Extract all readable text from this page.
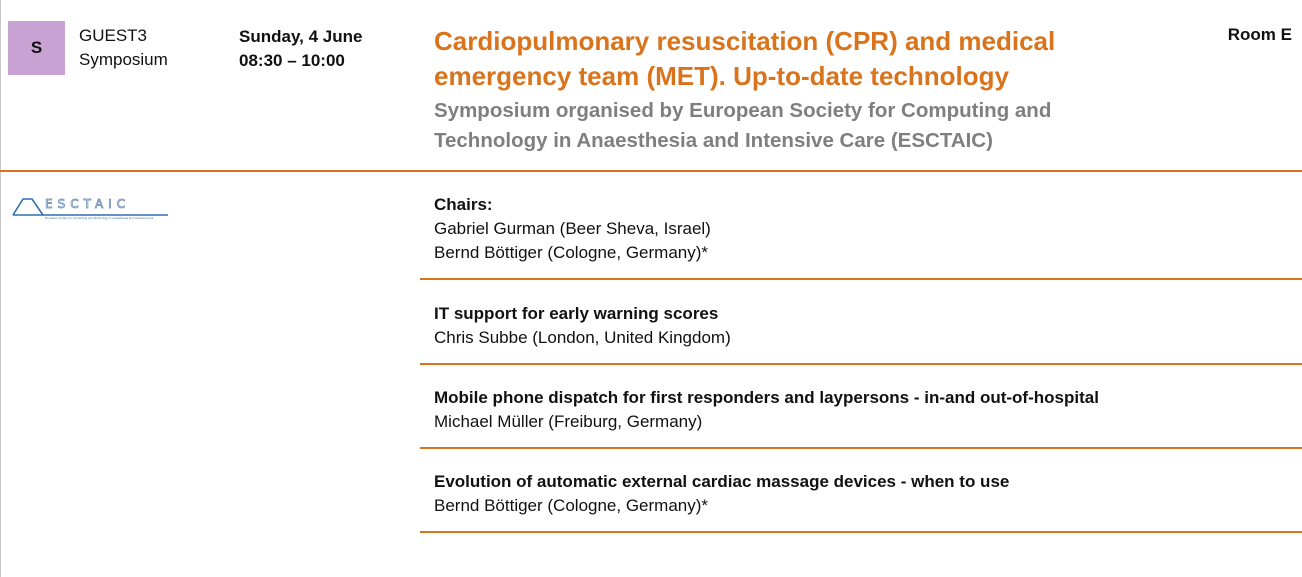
S
GUEST3
Symposium
Sunday, 4 June
08:30 – 10:00
Cardiopulmonary resuscitation (CPR) and medical
emergency team (MET). Up-to-date technology
Symposium organised by European Society for Computing and
Technology in Anaesthesia and Intensive Care (ESCTAIC)
Room E
ESCTAIC
European Society for Computing and Technology in Anaesthesia and Intensive Care
Chairs:
Gabriel Gurman (Beer Sheva, Israel)
Bernd Böttiger (Cologne, Germany)*
IT support for early warning scores
Chris Subbe (London, United Kingdom)
Mobile phone dispatch for first responders and laypersons - in-and out-of-hospital
Michael Müller (Freiburg, Germany)
Evolution of automatic external cardiac massage devices - when to use
Bernd Böttiger (Cologne, Germany)*
